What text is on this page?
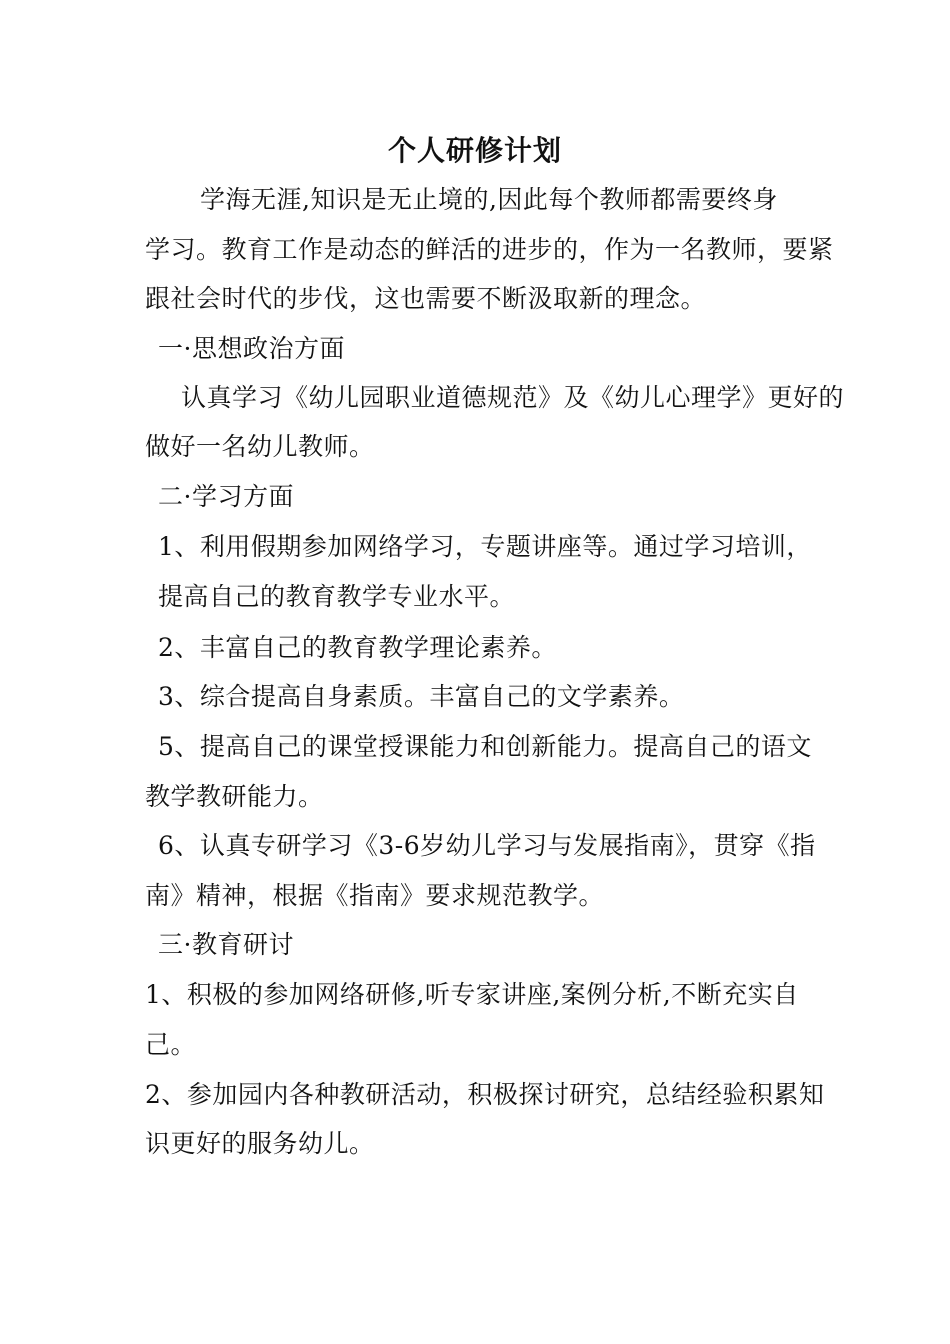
个人研修计划
学海无涯,知识是无止境的,因此每个教师都需要终身
学习。教育工作是动态的鲜活的进步的，作为一名教师，要紧
跟社会时代的步伐，这也需要不断汲取新的理念。
一·思想政治方面
认真学习《幼儿园职业道德规范》及《幼儿心理学》更好的
做好一名幼儿教师。
二·学习方面
1、利用假期参加网络学习，专题讲座等。通过学习培训，
提高自己的教育教学专业水平。
2、丰富自己的教育教学理论素养。
3、综合提高自身素质。丰富自己的文学素养。
5、提高自己的课堂授课能力和创新能力。提高自己的语文
教学教研能力。
6、认真专研学习《3-6岁幼儿学习与发展指南》，贯穿《指
南》精神，根据《指南》要求规范教学。
三·教育研讨
1、积极的参加网络研修,听专家讲座,案例分析,不断充实自
己。
2、参加园内各种教研活动，积极探讨研究，总结经验积累知
识更好的服务幼儿。
